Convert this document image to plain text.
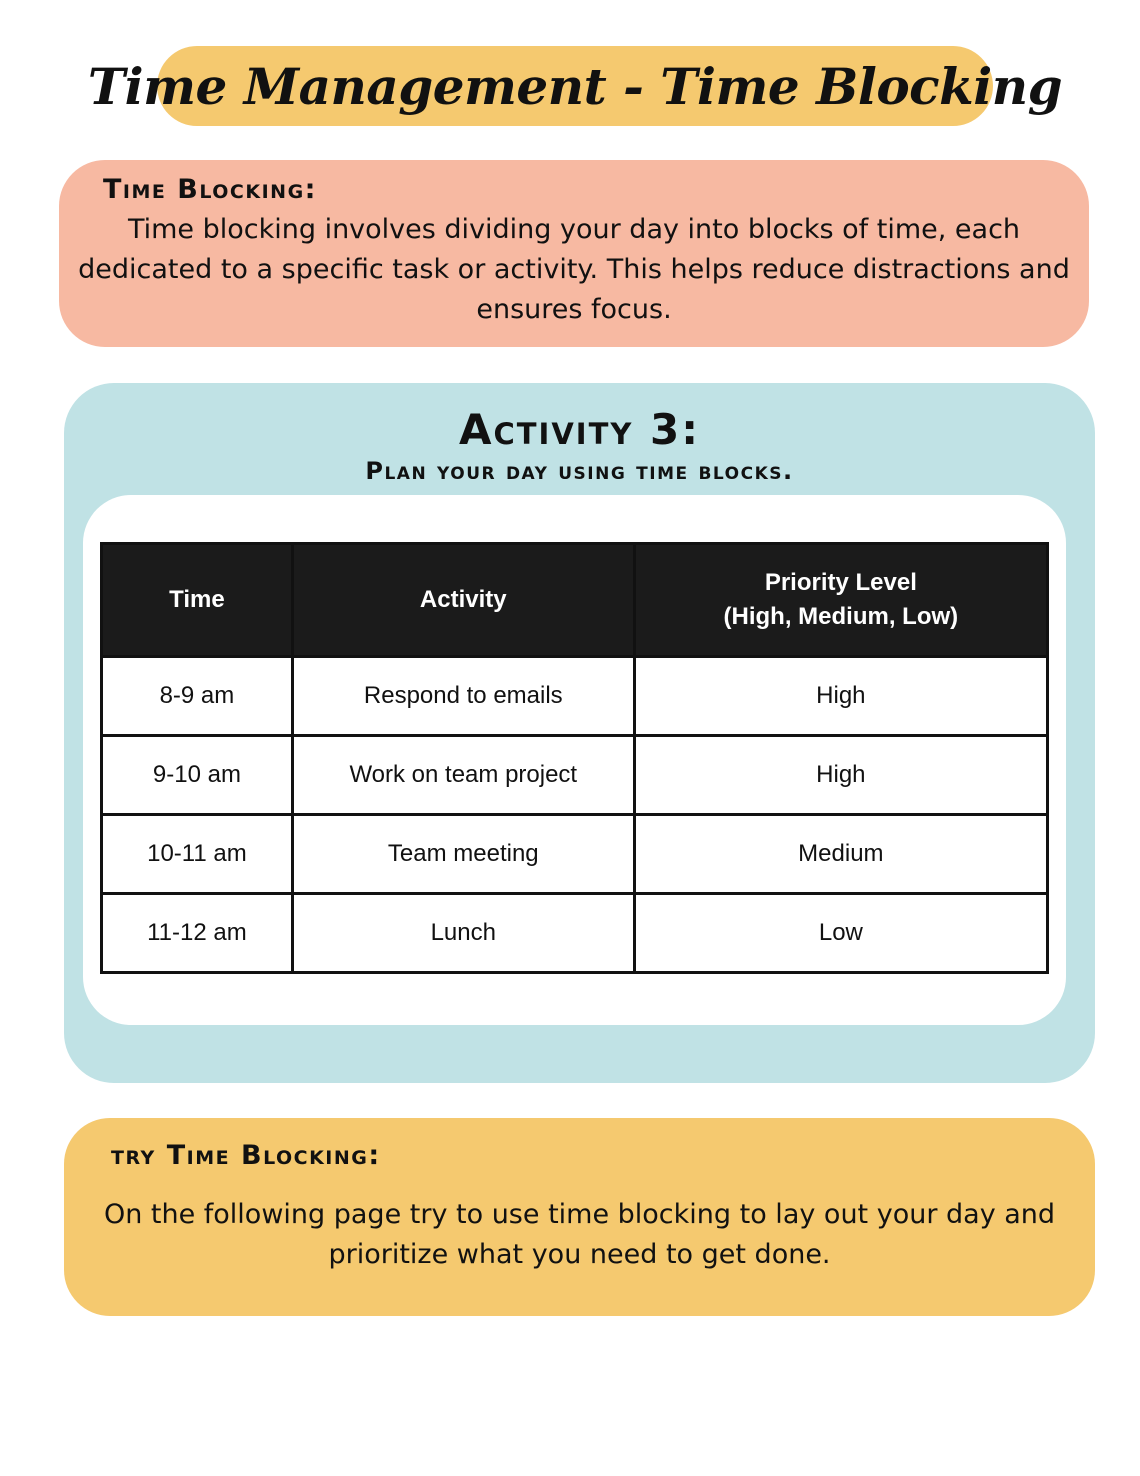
Time Management - Time Blocking
Time Blocking:
Time blocking involves dividing your day into blocks of time, each dedicated to a specific task or activity. This helps reduce distractions and ensures focus.
Activity 3:
Plan your day using time blocks.
Time	Activity	Priority Level
(High, Medium, Low)

8-9 am	Respond to emails	High
9-10 am	Work on team project	High
10-11 am	Team meeting	Medium
11-12 am	Lunch	Low
try Time Blocking:
On the following page try to use time blocking to lay out your day and prioritize what you need to get done.
